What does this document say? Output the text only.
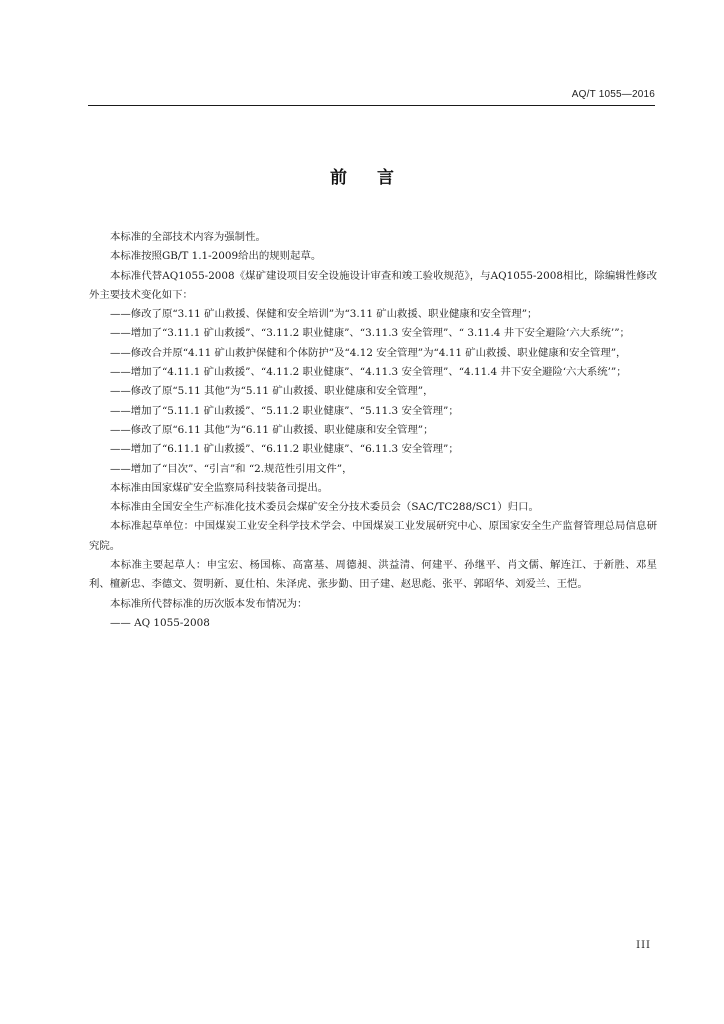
AQ/T 1055—2016
前 言

本标准的全部技术内容为强制性。

本标准按照GB/T 1.1-2009给出的规则起草。

本标准代替AQ1055-2008《煤矿建设项目安全设施设计审查和竣工验收规范》，与AQ1055-2008相比，除编辑性修改外主要技术变化如下：

——修改了原“3.11 矿山救援、保健和安全培训”为“3.11 矿山救援、职业健康和安全管理”；

——增加了“3.11.1 矿山救援”、“3.11.2 职业健康”、“3.11.3 安全管理”、“ 3.11.4 井下安全避险‘六大系统’”；

——修改合并原“4.11 矿山救护保健和个体防护”及“4.12 安全管理”为“4.11 矿山救援、职业健康和安全管理”，

——增加了“4.11.1 矿山救援”、“4.11.2 职业健康”、“4.11.3 安全管理”、“4.11.4 井下安全避险‘六大系统’”；

——修改了原“5.11 其他”为“5.11 矿山救援、职业健康和安全管理”，

——增加了“5.11.1 矿山救援”、“5.11.2 职业健康”、“5.11.3 安全管理”；

——修改了原“6.11 其他”为“6.11 矿山救援、职业健康和安全管理”；

——增加了“6.11.1 矿山救援”、“6.11.2 职业健康”、“6.11.3 安全管理”；

——增加了“目次”、“引言”和 “2.规范性引用文件”，

本标准由国家煤矿安全监察局科技装备司提出。

本标准由全国安全生产标准化技术委员会煤矿安全分技术委员会（SAC/TC288/SC1）归口。

本标准起草单位：中国煤炭工业安全科学技术学会、中国煤炭工业发展研究中心、原国家安全生产监督管理总局信息研究院。

本标准主要起草人：申宝宏、杨国栋、高富基、周德昶、洪益清、何建平、孙继平、肖文儒、解连江、于新胜、邓星利、檀新忠、李德文、贺明新、夏仕柏、朱泽虎、张步勤、田子建、赵思彪、张平、郭昭华、刘爱兰、王恺。

本标准所代替标准的历次版本发布情况为：

—— AQ 1055-2008

III
